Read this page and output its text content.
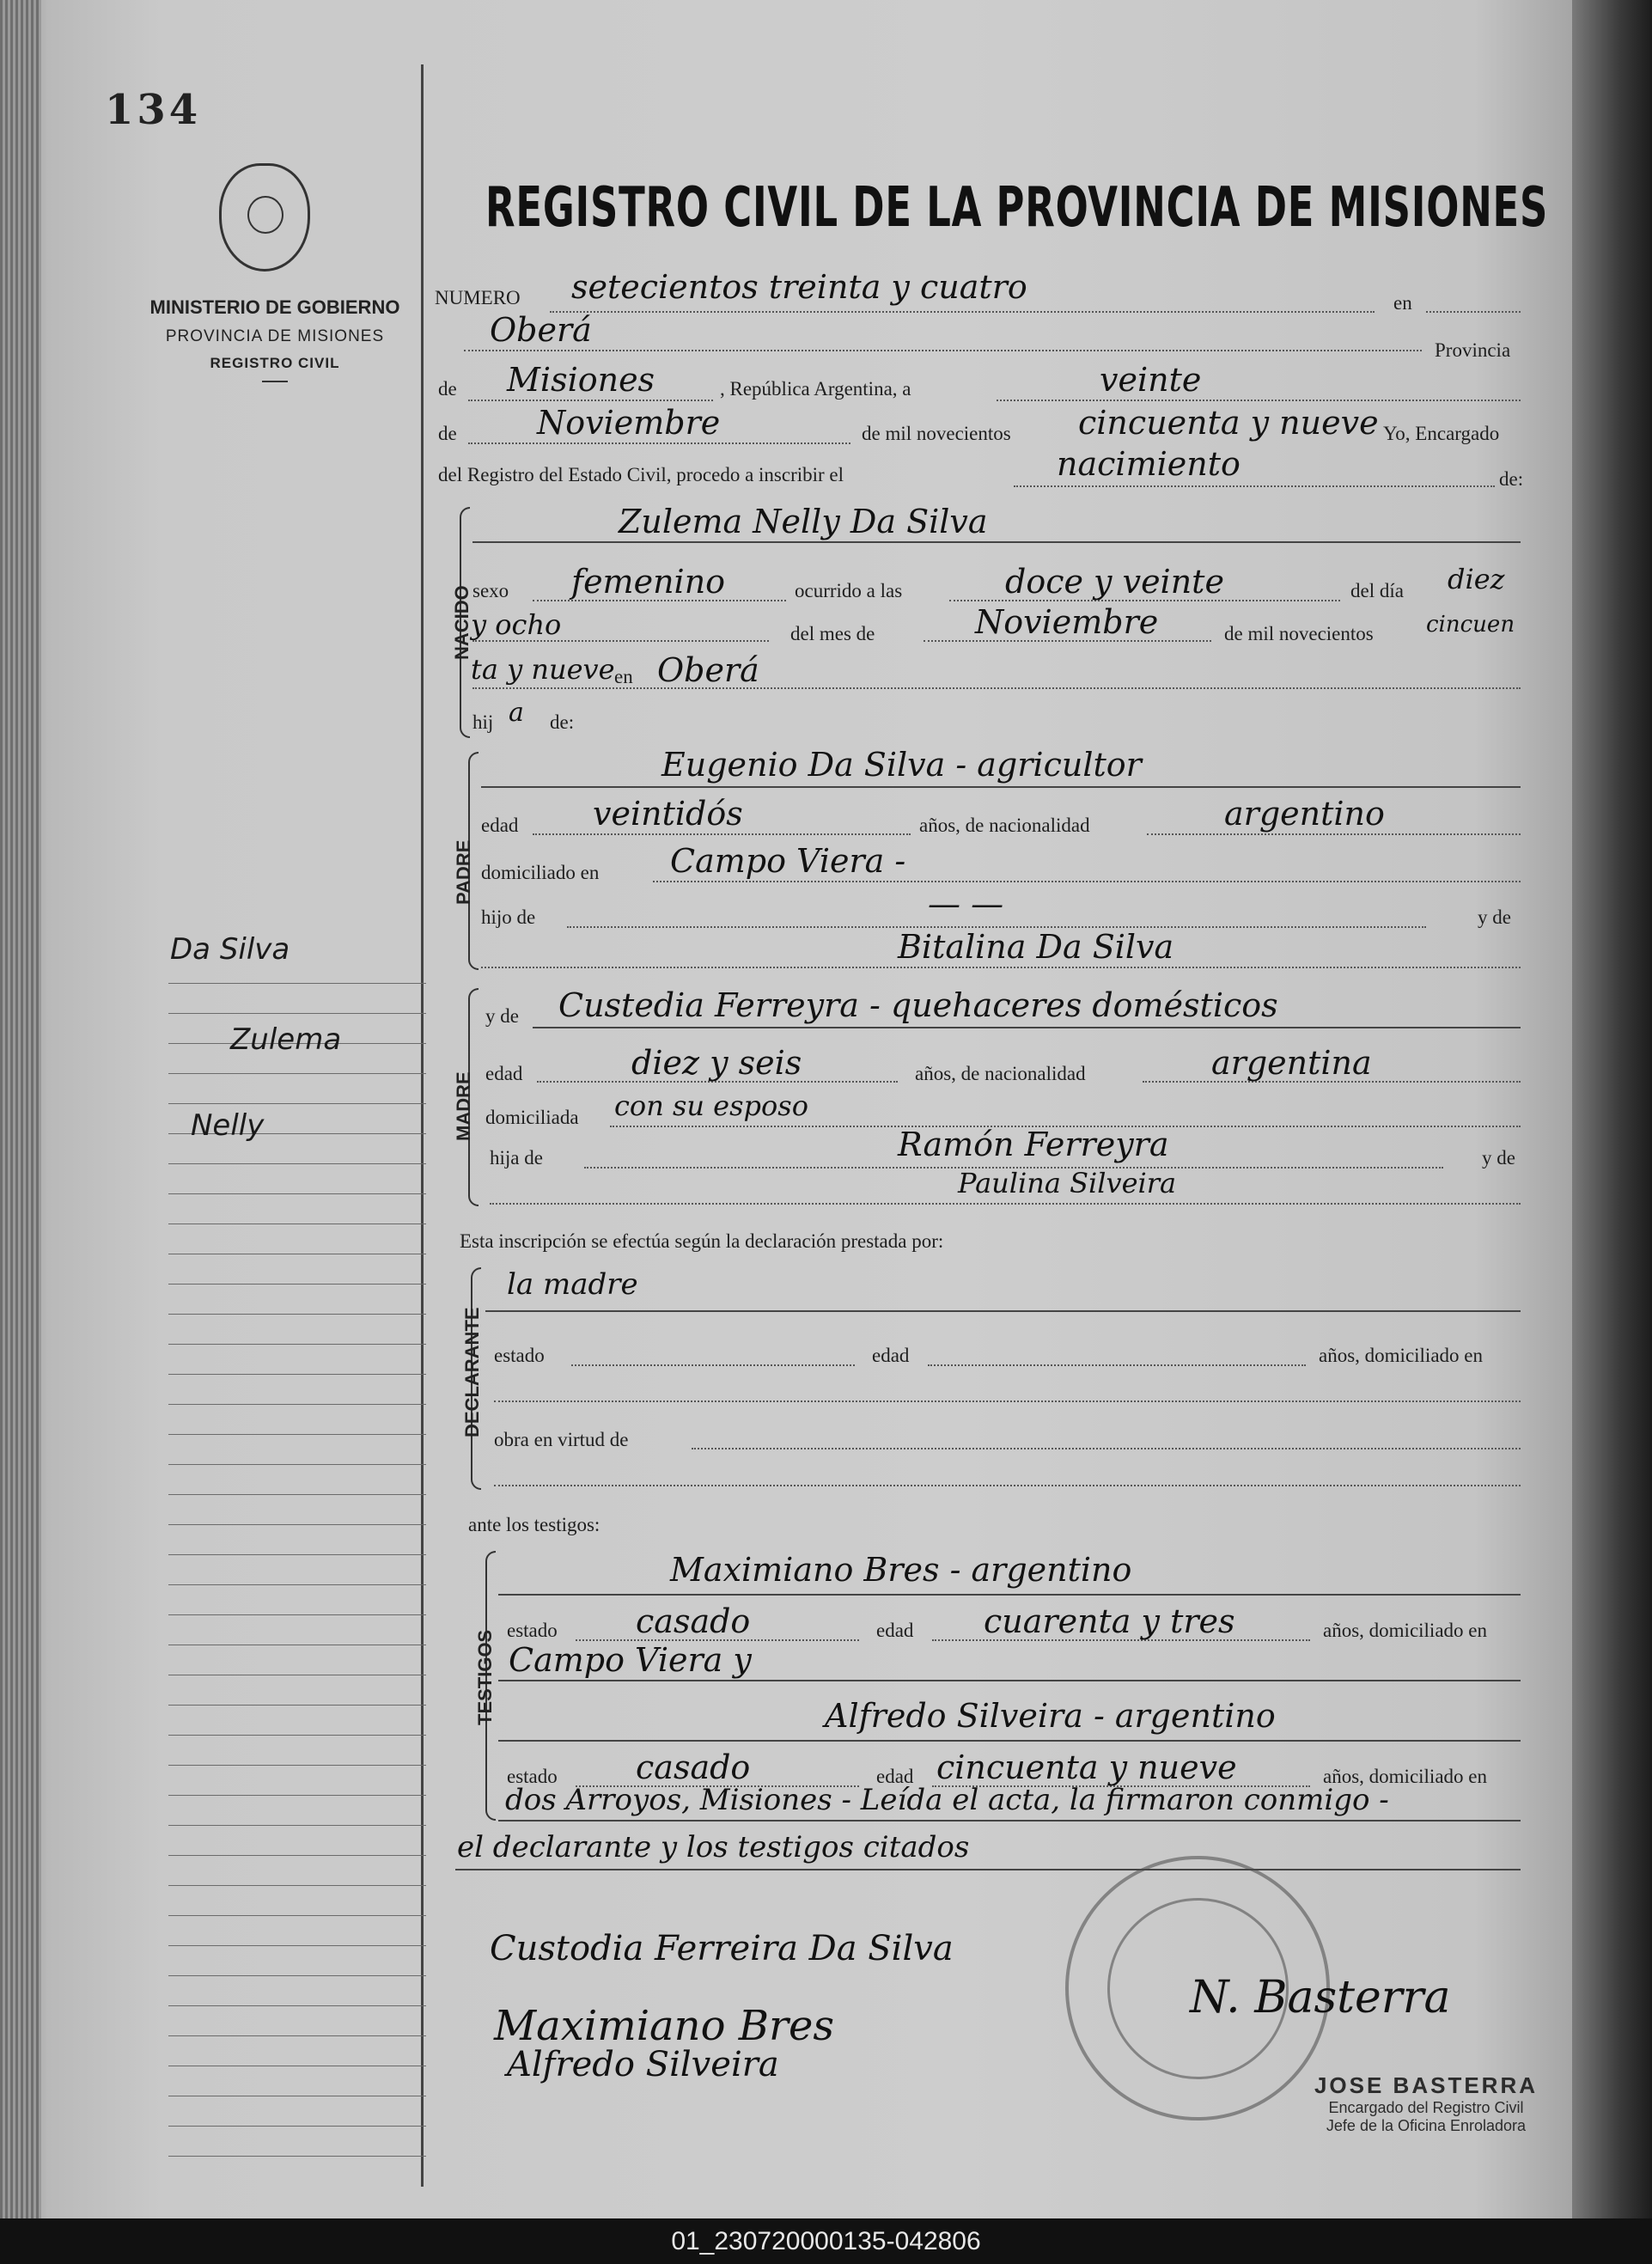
134
MINISTERIO DE GOBIERNO
PROVINCIA DE MISIONES
REGISTRO CIVIL
Da Silva
Zulema
Nelly
REGISTRO CIVIL DE LA PROVINCIA DE MISIONES
NUMERO setecientos treinta y cuatro	en
Oberá
Provincia
de Misiones	, República Argentina, a	veinte
de Noviembre	de mil novecientos cincuenta y nueve Yo, Encargado
del Registro del Estado Civil, procedo a inscribir el	nacimiento	de:
NACIDO
Zulema Nelly Da Silva
sexo femenino	ocurrido a las	doce y veinte	del día diez
y ocho	del mes de	Noviembre	de mil novecientos cincuen
ta y nueve en Oberá
hij a de:
PADRE
Eugenio Da Silva - agricultor
edad veintidós	años, de nacionalidad	argentino
domiciliado en Campo Viera -
hijo de	— —	y de
Bitalina Da Silva
MADRE
y de Custedia Ferreyra - quehaceres domésticos
edad	diez y seis	años, de nacionalidad	argentina
domiciliada con su esposo
hija de	Ramón Ferreyra	y de
Paulina Silveira
Esta inscripción se efectúa según la declaración prestada por:
DECLARANTE
la madre
estado	edad	años, domiciliado en
obra en virtud de
ante los testigos:
TESTIGOS
Maximiano Bres - argentino
estado casado	edad cuarenta y tres	años, domiciliado en
Campo Viera y
Alfredo Silveira - argentino
estado casado	edad cincuenta y nueve	años, domiciliado en
dos Arroyos, Misiones - Leída el acta, la firmaron conmigo -
el declarante y los testigos citados
Custodia Ferreira Da Silva
Maximiano Bres
Alfredo Silveira
N. Basterra
JOSE BASTERRA
Encargado del Registro Civil
Jefe de la Oficina Enroladora
01_230720000135-042806
